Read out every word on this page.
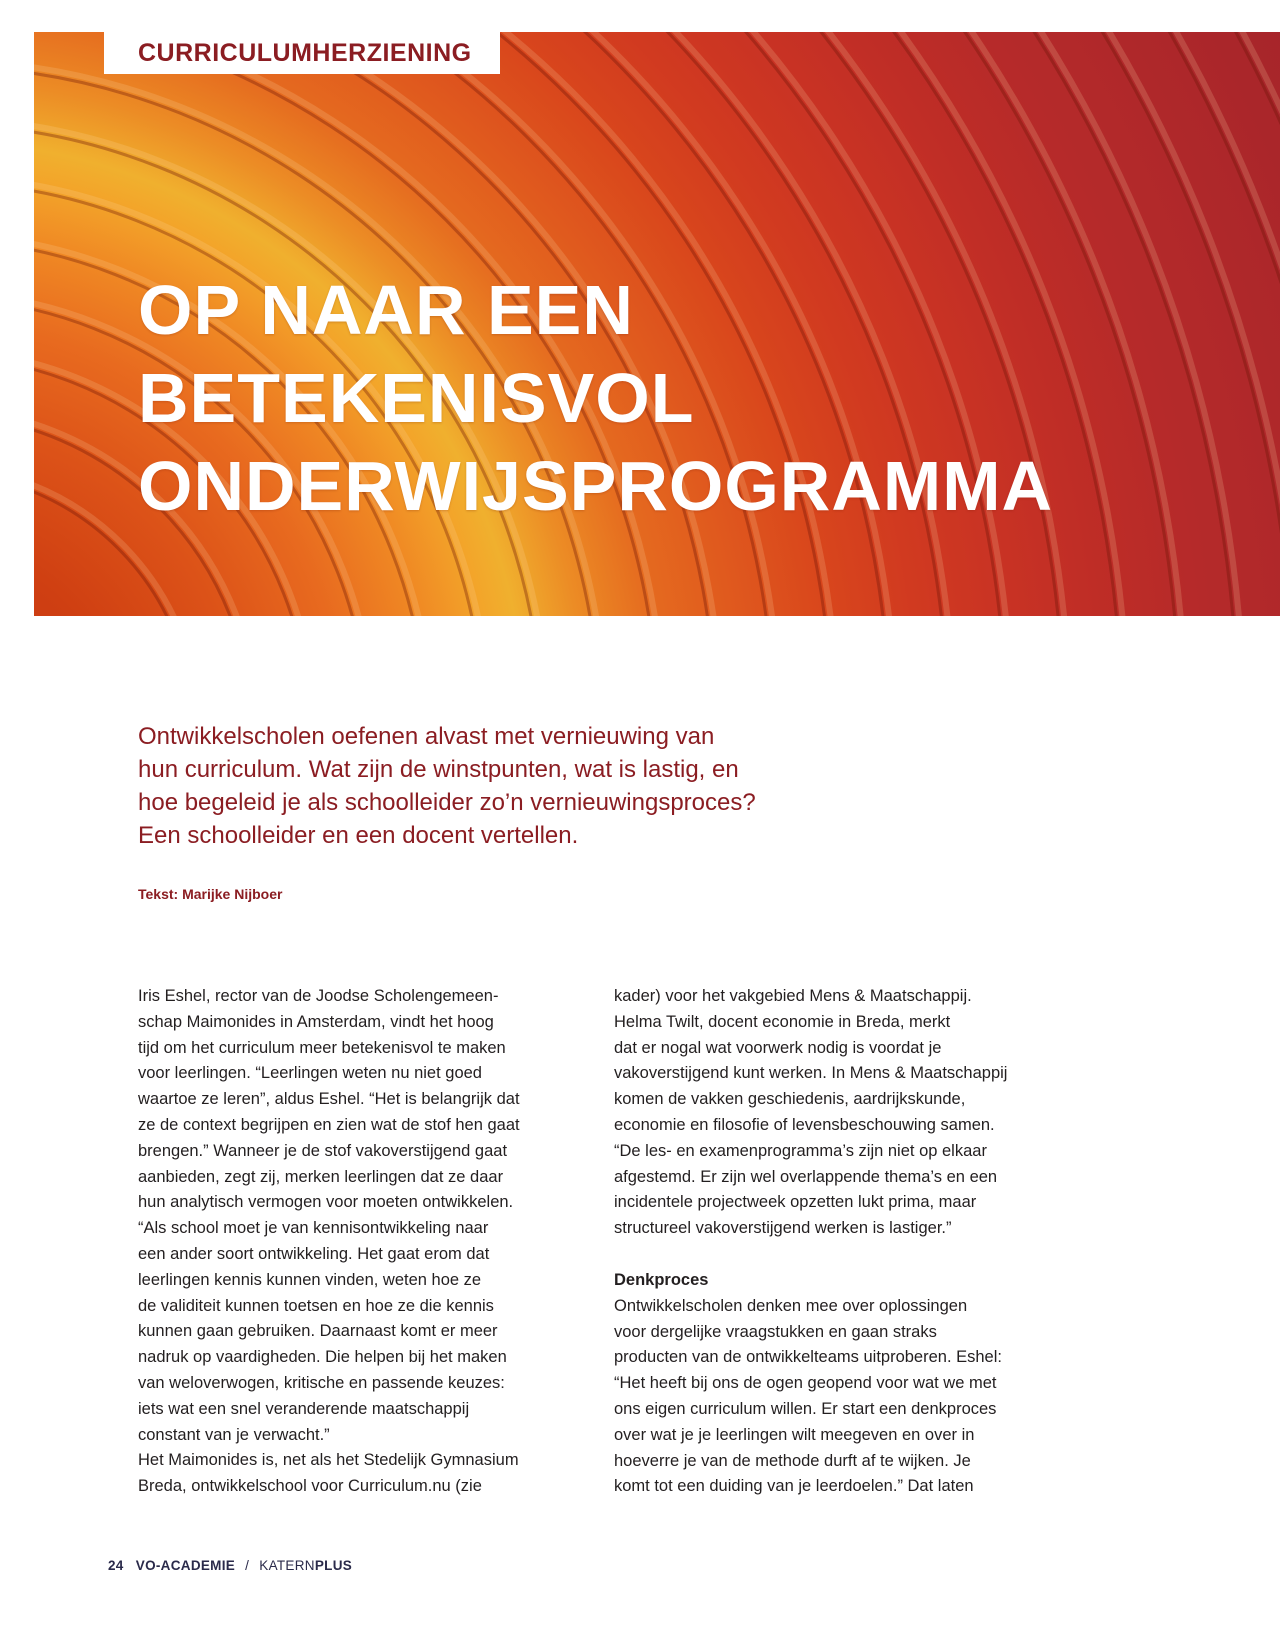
CURRICULUMHERZIENING
OP NAAR EEN
BETEKENISVOL
ONDERWIJSPROGRAMMA

Ontwikkelscholen oefenen alvast met vernieuwing van
hun curriculum. Wat zijn de winstpunten, wat is lastig, en
hoe begeleid je als schoolleider zo’n vernieuwingsproces?
Een schoolleider en een docent vertellen.

Tekst: Marijke Nijboer

Iris Eshel, rector van de Joodse Scholengemeen-
schap Maimonides in Amsterdam, vindt het hoog
tijd om het curriculum meer betekenisvol te maken
voor leerlingen. “Leerlingen weten nu niet goed
waartoe ze leren”, aldus Eshel. “Het is belangrijk dat
ze de context begrijpen en zien wat de stof hen gaat
brengen.” Wanneer je de stof vakoverstijgend gaat
aanbieden, zegt zij, merken leerlingen dat ze daar
hun analytisch vermogen voor moeten ontwikkelen.
“Als school moet je van kennisontwikkeling naar
een ander soort ontwikkeling. Het gaat erom dat
leerlingen kennis kunnen vinden, weten hoe ze
de validiteit kunnen toetsen en hoe ze die kennis
kunnen gaan gebruiken. Daarnaast komt er meer
nadruk op vaardigheden. Die helpen bij het maken
van weloverwogen, kritische en passende keuzes:
iets wat een snel veranderende maatschappij
constant van je verwacht.”
Het Maimonides is, net als het Stedelijk Gymnasium
Breda, ontwikkelschool voor Curriculum.nu (zie
kader) voor het vakgebied Mens & Maatschappij.
Helma Twilt, docent economie in Breda, merkt
dat er nogal wat voorwerk nodig is voordat je
vakoverstijgend kunt werken. In Mens & Maatschappij
komen de vakken geschiedenis, aardrijkskunde,
economie en filosofie of levensbeschouwing samen.
“De les- en examenprogramma’s zijn niet op elkaar
afgestemd. Er zijn wel overlappende thema’s en een
incidentele projectweek opzetten lukt prima, maar
structureel vakoverstijgend werken is lastiger.”
Denkproces
Ontwikkelscholen denken mee over oplossingen
voor dergelijke vraagstukken en gaan straks
producten van de ontwikkelteams uitproberen. Eshel:
“Het heeft bij ons de ogen geopend voor wat we met
ons eigen curriculum willen. Er start een denkproces
over wat je je leerlingen wilt meegeven en over in
hoeverre je van de methode durft af te wijken. Je
komt tot een duiding van je leerdoelen.” Dat laten
24 VO-ACADEMIE / KATERNPLUS
